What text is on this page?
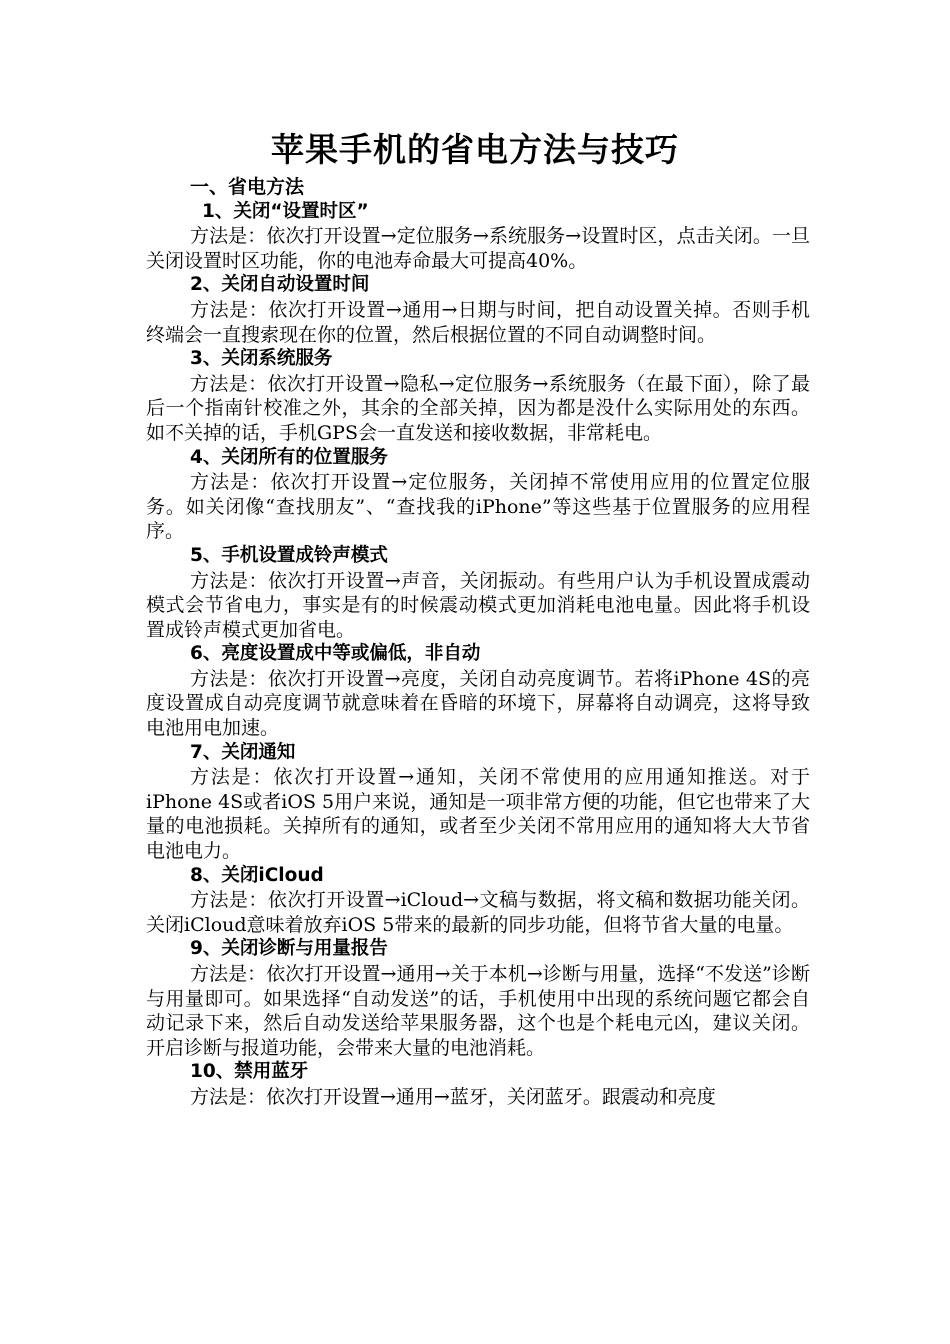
苹果手机的省电方法与技巧
一、省电方法
1、关闭“设置时区”

方法是：依次打开设置→定位服务→系统服务→设置时区，点击关闭。一旦关闭设置时区功能，你的电池寿命最大可提高40%。

2、关闭自动设置时间

方法是：依次打开设置→通用→日期与时间，把自动设置关掉。否则手机终端会一直搜索现在你的位置，然后根据位置的不同自动调整时间。

3、关闭系统服务

方法是：依次打开设置→隐私→定位服务→系统服务（在最下面），除了最后一个指南针校准之外，其余的全部关掉，因为都是没什么实际用处的东西。如不关掉的话，手机GPS会一直发送和接收数据，非常耗电。

4、关闭所有的位置服务

方法是：依次打开设置→定位服务，关闭掉不常使用应用的位置定位服务。如关闭像“查找朋友”、“查找我的iPhone”等这些基于位置服务的应用程序。

5、手机设置成铃声模式

方法是：依次打开设置→声音，关闭振动。有些用户认为手机设置成震动模式会节省电力，事实是有的时候震动模式更加消耗电池电量。因此将手机设置成铃声模式更加省电。

6、亮度设置成中等或偏低，非自动

方法是：依次打开设置→亮度，关闭自动亮度调节。若将iPhone 4S的亮度设置成自动亮度调节就意味着在昏暗的环境下，屏幕将自动调亮，这将导致电池用电加速。

7、关闭通知

方法是：依次打开设置→通知，关闭不常使用的应用通知推送。对于iPhone 4S或者iOS 5用户来说，通知是一项非常方便的功能，但它也带来了大量的电池损耗。关掉所有的通知，或者至少关闭不常用应用的通知将大大节省电池电力。

8、关闭iCloud

方法是：依次打开设置→iCloud→文稿与数据，将文稿和数据功能关闭。关闭iCloud意味着放弃iOS 5带来的最新的同步功能，但将节省大量的电量。

9、关闭诊断与用量报告

方法是：依次打开设置→通用→关于本机→诊断与用量，选择“不发送”诊断与用量即可。如果选择“自动发送”的话，手机使用中出现的系统问题它都会自动记录下来，然后自动发送给苹果服务器，这个也是个耗电元凶，建议关闭。开启诊断与报道功能，会带来大量的电池消耗。

10、禁用蓝牙

方法是：依次打开设置→通用→蓝牙，关闭蓝牙。跟震动和亮度
